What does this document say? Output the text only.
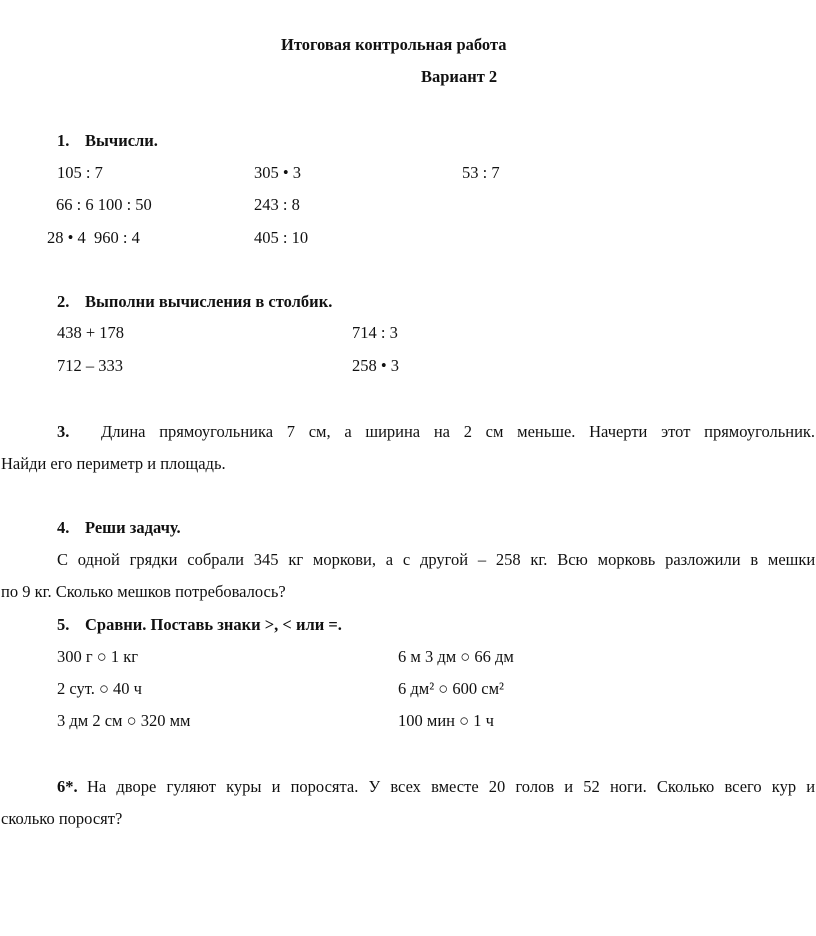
Итоговая контрольная работа
Вариант 2
1. Вычисли.
105 : 7	305 • 3	53 : 7
66 : 6 100 : 50	243 : 8
28 • 4  960 : 4	405 : 10
2. Выполни вычисления в столбик.
438 + 178	714 : 3
712 – 333	258 • 3
3. Длина прямоугольника 7 см, а ширина на 2 см меньше. Начерти этот прямоугольник.
Найди его периметр и площадь.
4. Реши задачу.
С одной грядки собрали 345 кг моркови, а с другой – 258 кг. Всю морковь разложили в мешки
по 9 кг. Сколько мешков потребовалось?
5. Сравни. Поставь знаки >, < или =.
300 г ○ 1 кг	6 м 3 дм ○ 66 дм
2 сут. ○ 40 ч	6 дм² ○ 600 см²
3 дм 2 см ○ 320 мм	100 мин ○ 1 ч
6*. На дворе гуляют куры и поросята. У всех вместе 20 голов и 52 ноги. Сколько всего кур и
сколько поросят?
